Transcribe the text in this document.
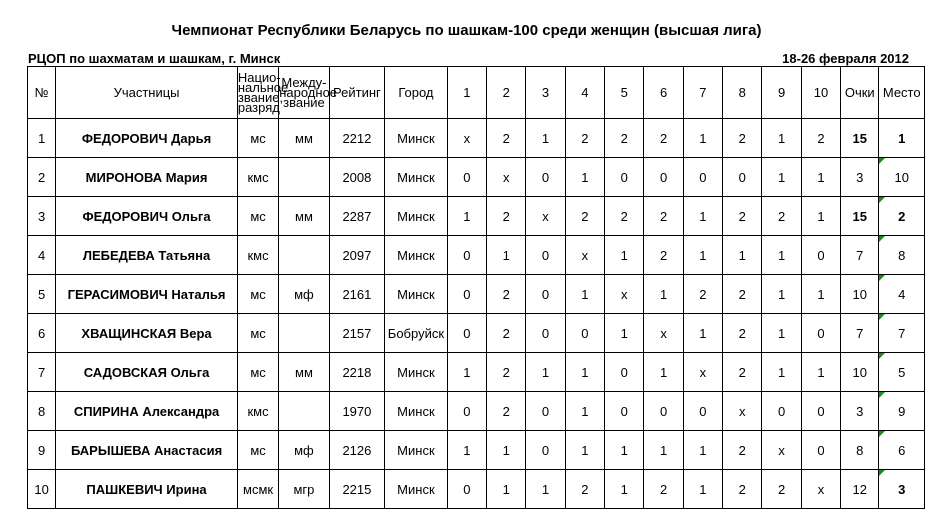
Чемпионат Республики Беларусь по шашкам-100 среди женщин (высшая лига)
РЦОП по шахматам и шашкам, г. Минск	18-26 февраля 2012
№	Участницы	Нацио-нальное звание, разряд	Между-народное звание	Рейтинг	Город	1	2	3	4	5	6	7	8	9	10	Очки	Место
1	ФЕДОРОВИЧ Дарья	мс	мм	2212	Минск	x	2	1	2	2	2	1	2	1	2	15	1
2	МИРОНОВА Мария	кмс		2008	Минск	0	x	0	1	0	0	0	0	1	1	3	10

3	ФЕДОРОВИЧ Ольга	мс	мм	2287	Минск	1	2	x	2	2	2	1	2	2	1	15	2

4	ЛЕБЕДЕВА Татьяна	кмс		2097	Минск	0	1	0	x	1	2	1	1	1	0	7	8

5	ГЕРАСИМОВИЧ Наталья	мс	мф	2161	Минск	0	2	0	1	x	1	2	2	1	1	10	4

6	ХВАЩИНСКАЯ Вера	мс		2157	Бобруйск	0	2	0	0	1	x	1	2	1	0	7	7

7	САДОВСКАЯ Ольга	мс	мм	2218	Минск	1	2	1	1	0	1	x	2	1	1	10	5

8	СПИРИНА Александра	кмс		1970	Минск	0	2	0	1	0	0	0	x	0	0	3	9

9	БАРЫШЕВА Анастасия	мс	мф	2126	Минск	1	1	0	1	1	1	1	2	x	0	8	6

10	ПАШКЕВИЧ Ирина	мсмк	мгр	2215	Минск	0	1	1	2	1	2	1	2	2	x	12	3
